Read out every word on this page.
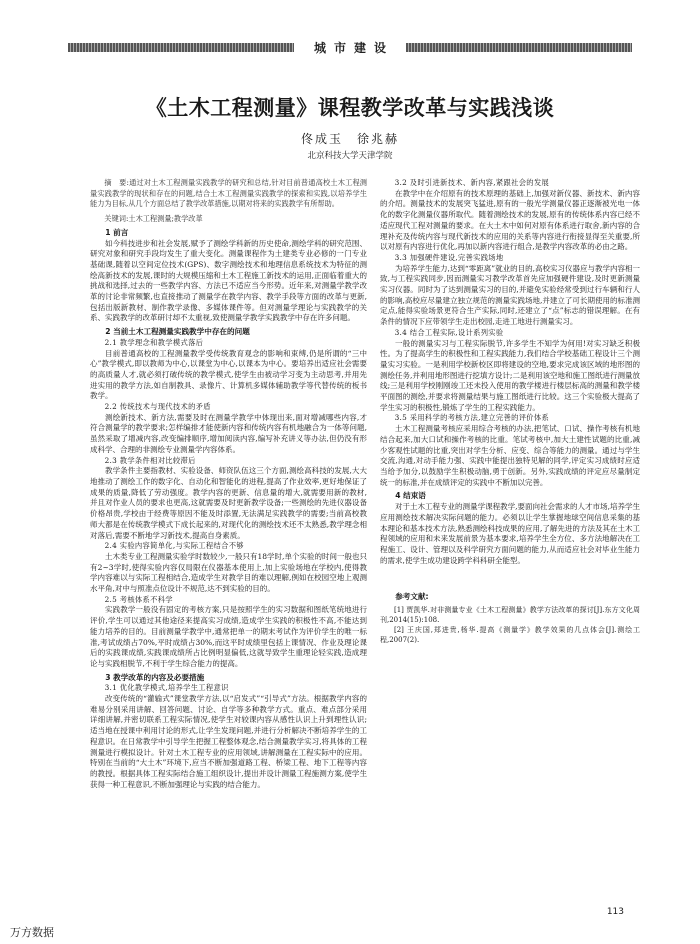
城市建设
《土木工程测量》课程教学改革与实践浅谈
佟成玉　徐兆赫
北京科技大学天津学院

摘　要:通过对土木工程测量实践教学的研究和总结,针对目前普通高校土木工程测量实践教学的现状和存在的问题,结合土木工程测量实践教学的探索和实践,以培养学生能力为目标,从几个方面总结了教学改革措施,以期对将来的实践教学有所帮助。

关键词:土木工程测量;教学改革

1 前言

如今科技进步和社会发展,赋予了测绘学科新的历史使命,测绘学科的研究范围、研究对象和研究手段均发生了重大变化。测量课程作为土建类专业必修的一门专业基础课,随着以空间定位技术(GPS)、数字测绘技术和地理信息系统技术为特征的测绘高新技术的发展,课时的大规模压缩和土木工程施工新技术的运用,正面临着重大的挑战和选择,过去的一些教学内容、方法已不适应当今形势。近年来,对测量学教学改革的讨论非常频繁,也直接推动了测量学在教学内容、教学手段等方面的改革与更新,包括出版新教材、制作教学录像、多媒体课件等。但对测量学理论与实践教学的关系、实践教学的改革研讨却不太重视,致使测量学教学实践教学中存在许多问题。

2 当前土木工程测量实践教学中存在的问题
2.1 教学理念和教学模式落后

目前普通高校的工程测量教学受传统教育观念的影响和束缚,仍是所谓的“三中心”教学模式,即以教师为中心,以课堂为中心,以课本为中心。要培养出适应社会需要的高质量人才,就必须打破传统的教学模式,使学生由被动学习变为主动思考,并用先进实用的教学方法,如自制教具、录像片、计算机多媒体辅助教学等代替传统的板书教学。

2.2 传统技术与现代技术的矛盾

测绘新技术、新方法,需要及时在测量学教学中体现出来,面对增减哪些内容,才符合测量学的教学要求;怎样编排才能使新内容和传统内容有机地融合为一体等问题,虽然采取了增减内容,改变编排顺序,增加阅读内容,编写补充讲义等办法,但仍没有形成科学、合理的非测绘专业测量学内容体系。

2.3 教学条件相对比较滞后

教学条件主要指教材、实验设备、师资队伍这三个方面,测绘高科技的发展,大大地推动了测绘工作的数字化、自动化和智能化的进程,提高了作业效率,更好地保证了成果的质量,降低了劳动强度。教学内容的更新、信息量的增大,就需要用新的教材,并且对作业人员的要求也更高,这就需要及时更新教学设备;一些测绘的先进仪器设备价格昂贵,学校由于经费等原因不能及时添置,无法满足实践教学的需要;当前高校教师大都是在传统教学模式下成长起来的,对现代化的测绘技术还不太熟悉,教学理念相对落后,需要不断地学习新技术,提高自身素质。

2.4 实验内容简单化,与实际工程结合不够

土木类专业工程测量实验学时数较少,一般只有18学时,单个实验的时间一般也只有2~3学时,使得实验内容仅局限在仪器基本使用上,加上实验场地在学校内,使得教学内容难以与实际工程相结合,造成学生对教学目的难以理解,例如在校园空地上观测水平角,对中与照准点位设计不规范,达不到实验的目的。

2.5 考核体系不科学

实践教学一般没有固定的考核方案,只是按照学生的实习数据和图纸笔统地进行评价,学生可以通过其他途径来提高实习成绩,造成学生实践的积极性不高,不能达到能力培养的目的。目前测量学教学中,通常把单一的期末考试作为评价学生的唯一标准,考试成绩占70%,平时成绩占30%,而这平时成绩里包括上课情况、作业及理论课后的实践课成绩,实践课成绩所占比例明显偏低,这就导致学生重理论轻实践,造成理论与实践相脱节,不利于学生综合能力的提高。

3 教学改革的内容及必要措施
3.1 优化教学模式,培养学生工程意识

改变传统的“灌输式”课堂教学方法,以“启发式”“引导式”方法。根据教学内容的难易分别采用讲解、回答问题、讨论、自学等多种教学方式。重点、难点部分采用详细讲解,并密切联系工程实际情况,使学生对较课内容从感性认识上升到理性认识;适当地在授课中利用讨论的形式,让学生发现问题,并进行分析解决不断培养学生的工程意识。在日常教学中引导学生把握工程整体观念,结合测量教学实习,将具体的工程测量进行模拟设计。针对土木工程专业的应用领域,讲解测量在工程实际中的应用。特别在当前的“大土木”环境下,应当不断加强道路工程、桥梁工程、地下工程等内容的教授。根据具体工程实际结合施工组织设计,提出并设计测量工程施测方案,使学生获得一种工程意识,不断加强理论与实践的结合能力。

3.2 及时引进新技术、新内容,紧跟社会的发展

在教学中在介绍原有的技术原理的基础上,加强对新仪器、新技术、新内容的介绍。测量技术的发展突飞猛进,原有的一般光学测量仪器正逐渐被光电一体化的数字化测量仪器所取代。随着测绘技术的发展,原有的传统体系内容已经不适应现代工程对测量的要求。在大土木中如何对原有体系进行取舍,新内容的合理补充及传统内容与现代新技术的应用的关系等内容进行衔接显得至关重要,所以对原有内容进行优化,再加以新内容进行组合,是教学内容改革的必由之路。

3.3 加强硬件建设,完善实践场地

为培养学生能力,达到“零距离”就业的目的,高校实习仪器应与教学内容相一致,与工程实践同步,因而测量实习教学改革首先应加强硬件建设,及时更新测量实习仪器。同时为了达到测量实习的目的,并避免实验经常受到过行车辆和行人的影响,高校应尽量建立独立规范的测量实践场地,并建立了可长期使用的标准测定点,能得实验场景更符合生产实际,同时,还建立了“点”标志的错误理解。在有条件的情况下应带领学生走出校园,走进工地进行测量实习。

3.4 结合工程实际,设计系列实验

一般的测量实习与工程实际脱节,许多学生不知学为何用!对实习缺乏积极性。为了提高学生的积极性和工程实践能力,我们结合学校基础工程设计三个测量实习实验。一是利用学校新校区即将建设的空地,要求完成该区域的地形图的测绘任务,并利用地形图进行挖填方设计;二是利用该空地和施工图纸进行测量放线;三是利用学校刚刚竣工还未投入使用的教学楼进行楼层标高的测量和教学楼平面图的测绘,并要求将测量结果与施工图纸进行比较。这三个实验极大提高了学生实习的积极性,锻炼了学生的工程实践能力。

3.5 采用科学的考核方法,建立完善的评价体系

土木工程测量考核应采用综合考核的办法,把笔试、口试、操作考核有机地结合起来,加大口试和操作考核的比重。笔试考核中,加大土建性试题的比重,减少客观性试题的比重,突出对学生分析、应变、综合等能力的测量。通过与学生交流,沟通,对动手能力强、实践中能提出独特见解的同学,评定实习成绩时应适当给予加分,以鼓励学生积极动脑,勇于创新。另外,实践成绩的评定应尽量制定统一的标准,并在成绩评定的实践中不断加以完善。

4 结束语

对于土木工程专业的测量学课程教学,要面向社会需求的人才市场,培养学生应用测绘技术解决实际问题的能力。必须以让学生掌握地球空间信息采集的基本理论和基本技术方法,熟悉测绘科技成果的应用,了解先进的方法及其在土木工程领域的应用和未来发展前景为基本要求,培养学生全方位、多方法地解决在工程施工、设计、管理以及科学研究方面问题的能力,从而适应社会对毕业生能力的需求,使学生成功建设跨学科科研全能型。

参考文献:

[1] 贾凯华.对非测量专业《土木工程测量》教学方法改革的探讨[J].东方文化周刊,2014(15):108.

[2] 王庆国,郑进贵,杨华.提高《测量学》教学效果的几点体会[J].测绘工程,2007(2).

113
万方数据
